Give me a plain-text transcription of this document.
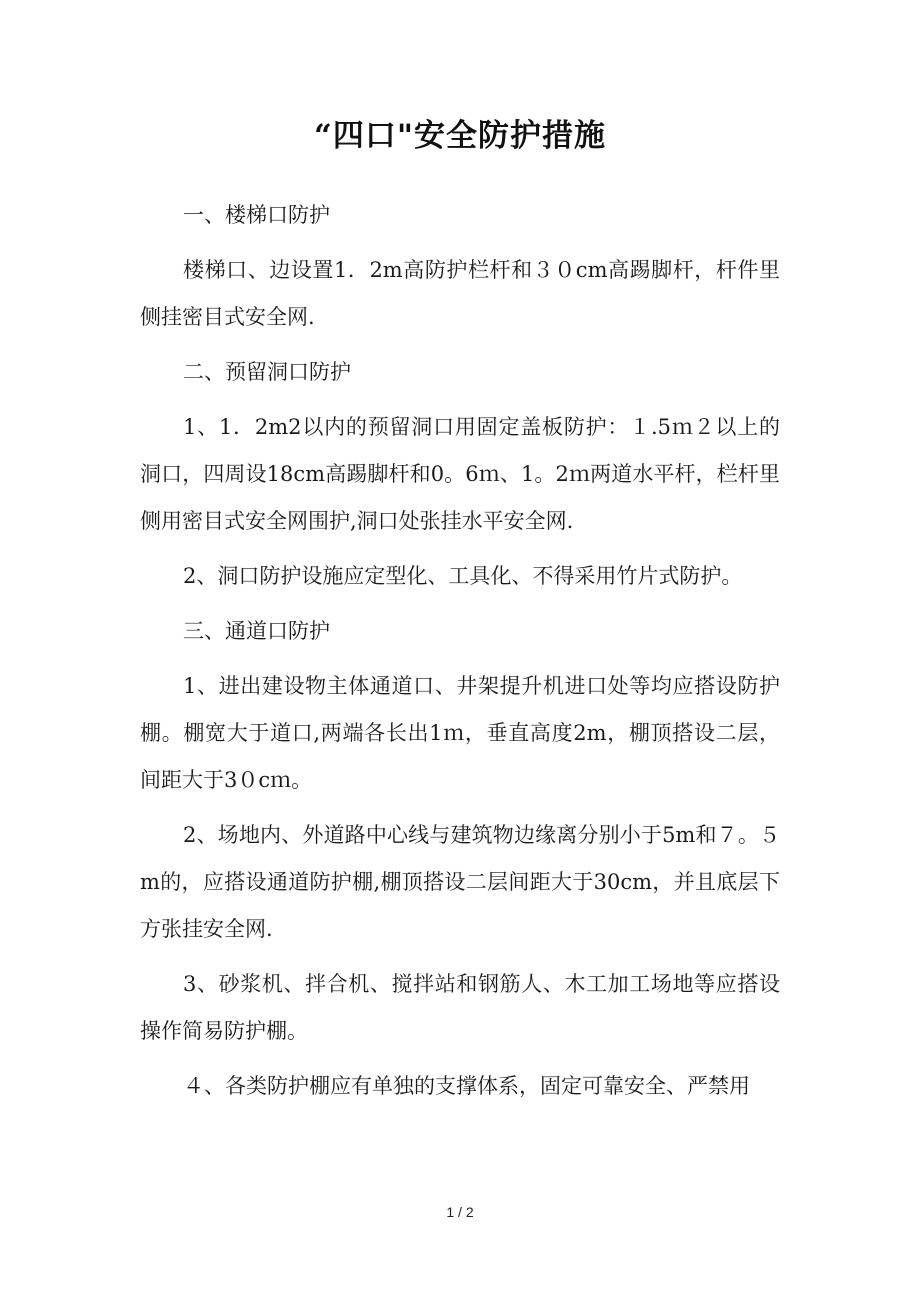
“四口"安全防护措施

一、楼梯口防护

楼梯口、边设置1．2m高防护栏杆和３０cm高踢脚杆，杆件里侧挂密目式安全网.

二、预留洞口防护

1、1．2m2以内的预留洞口用固定盖板防护：１.5ｍ２以上的洞口，四周设18cm高踢脚杆和0。6ｍ、1。2ｍ两道水平杆，栏杆里侧用密目式安全网围护,洞口处张挂水平安全网.

2、洞口防护设施应定型化、工具化、不得采用竹片式防护。

三、通道口防护

1、进出建设物主体通道口、井架提升机进口处等均应搭设防护棚。棚宽大于道口,两端各长出1ｍ，垂直高度2m，棚顶搭设二层，间距大于3０cｍ。

2、场地内、外道路中心线与建筑物边缘离分别小于5m和７。５m的，应搭设通道防护棚,棚顶搭设二层间距大于30cm，并且底层下方张挂安全网.

3、砂浆机、拌合机、搅拌站和钢筋人、木工加工场地等应搭设操作简易防护棚。

４、各类防护棚应有单独的支撑体系，固定可靠安全、严禁用

1 / 2
